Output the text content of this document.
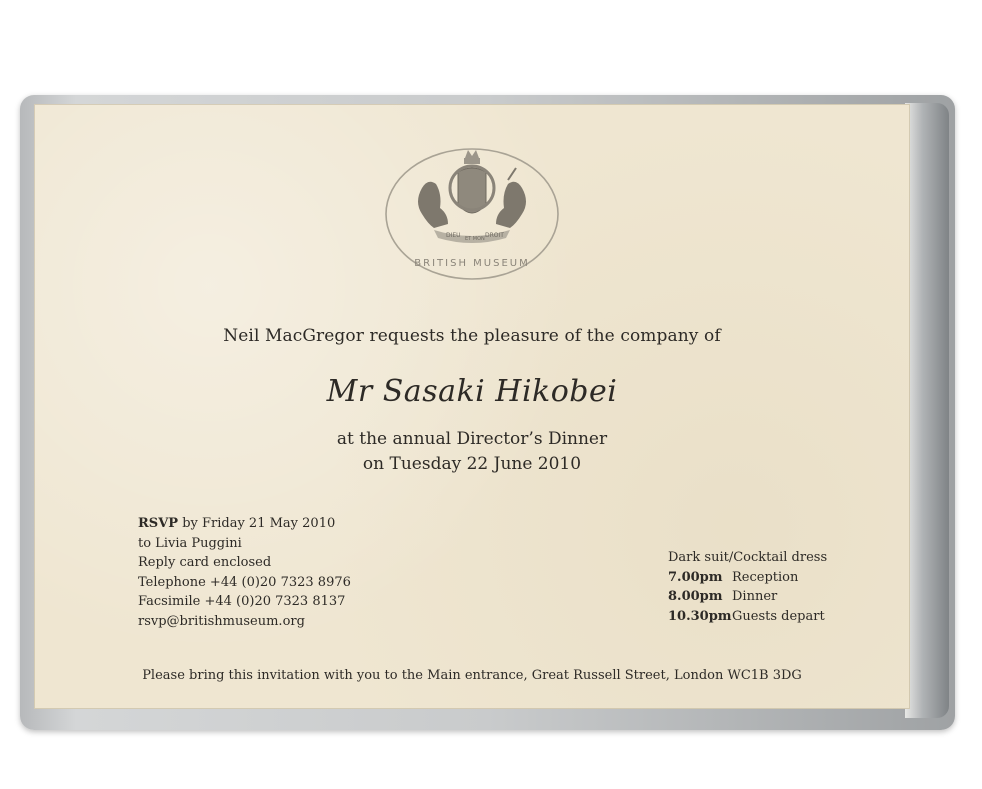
DIEU ET MON DROIT
BRITISH MUSEUM
Neil MacGregor requests the pleasure of the company of
Mr Sasaki Hikobei
at the annual Director’s Dinner
on Tuesday 22 June 2010
RSVP by Friday 21 May 2010
to Livia Puggini
Reply card enclosed
Telephone +44 (0)20 7323 8976
Facsimile +44 (0)20 7323 8137
rsvp@britishmuseum.org
Dark suit/Cocktail dress
7.00pm Reception
8.00pm Dinner
10.30pmGuests depart
Please bring this invitation with you to the Main entrance, Great Russell Street, London WC1B 3DG
